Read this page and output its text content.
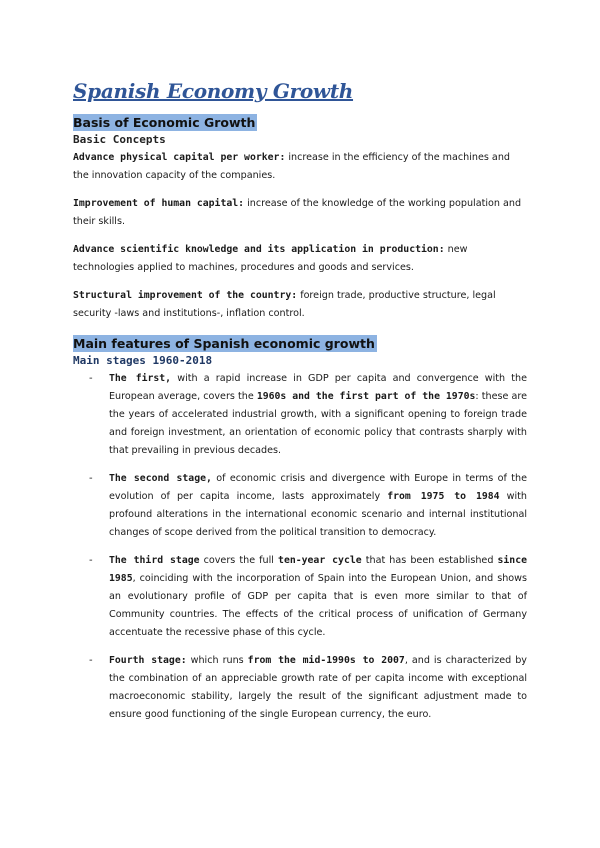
Spanish Economy Growth
Basis of Economic Growth
Basic Concepts

Advance physical capital per worker: increase in the efficiency of the machines and the innovation capacity of the companies.

Improvement of human capital: increase of the knowledge of the working population and their skills.

Advance scientific knowledge and its application in production: new technologies applied to machines, procedures and goods and services.

Structural improvement of the country: foreign trade, productive structure, legal security -laws and institutions-, inflation control.

Main features of Spanish economic growth
Main stages 1960-2018
- The first, with a rapid increase in GDP per capita and convergence with the European average, covers the 1960s and the first part of the 1970s: these are the years of accelerated industrial growth, with a significant opening to foreign trade and foreign investment, an orientation of economic policy that contrasts sharply with that prevailing in previous decades.

- The second stage, of economic crisis and divergence with Europe in terms of the evolution of per capita income, lasts approximately from 1975 to 1984 with profound alterations in the international economic scenario and internal institutional changes of scope derived from the political transition to democracy.

- The third stage covers the full ten-year cycle that has been established since 1985, coinciding with the incorporation of Spain into the European Union, and shows an evolutionary profile of GDP per capita that is even more similar to that of Community countries. The effects of the critical process of unification of Germany accentuate the recessive phase of this cycle.

- Fourth stage: which runs from the mid-1990s to 2007, and is characterized by the combination of an appreciable growth rate of per capita income with exceptional macroeconomic stability, largely the result of the significant adjustment made to ensure good functioning of the single European currency, the euro.
